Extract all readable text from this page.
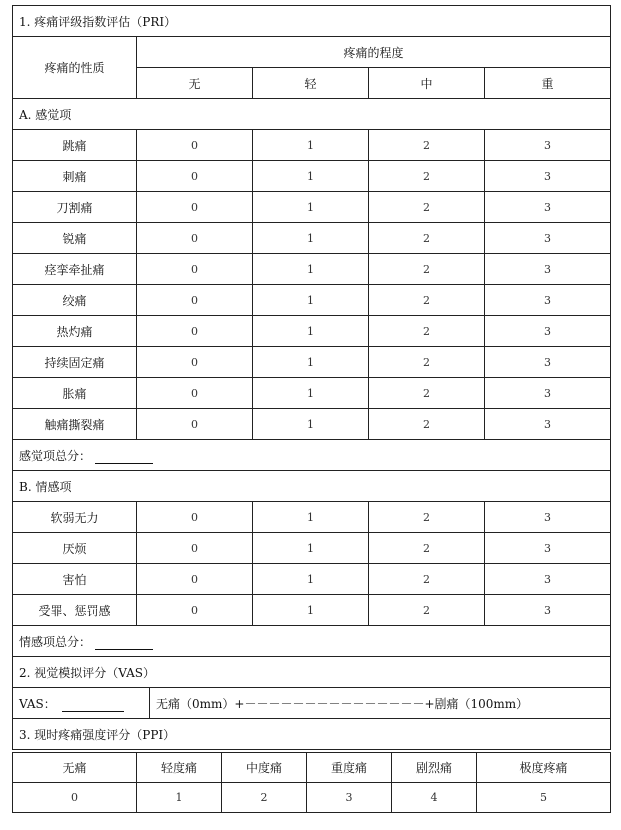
1. 疼痛评级指数评估（PRI）					
疼痛的性质	疼痛的程度				
	无		轻	中	重
A. 感觉项					
跳痛	0		1	2	3
刺痛	0		1	2	3
刀割痛	0		1	2	3
锐痛	0		1	2	3
痉挛牵扯痛	0		1	2	3
绞痛	0		1	2	3
热灼痛	0		1	2	3
持续固定痛	0		1	2	3
胀痛	0		1	2	3
触痛撕裂痛	0		1	2	3
感觉项总分：					
B. 情感项					
软弱无力	0		1	2	3
厌烦	0		1	2	3
害怕	0		1	2	3
受罪、惩罚感	0		1	2	3
情感项总分：					
2. 视觉模拟评分（VAS）					
VAS：		无痛（0mm）+－－－－－－－－－－－－－－－+剧痛（100mm）			
3. 现时疼痛强度评分（PPI）					
无痛	轻度痛	中度痛	重度痛	剧烈痛	极度疼痛
0	1	2	3	4	5
